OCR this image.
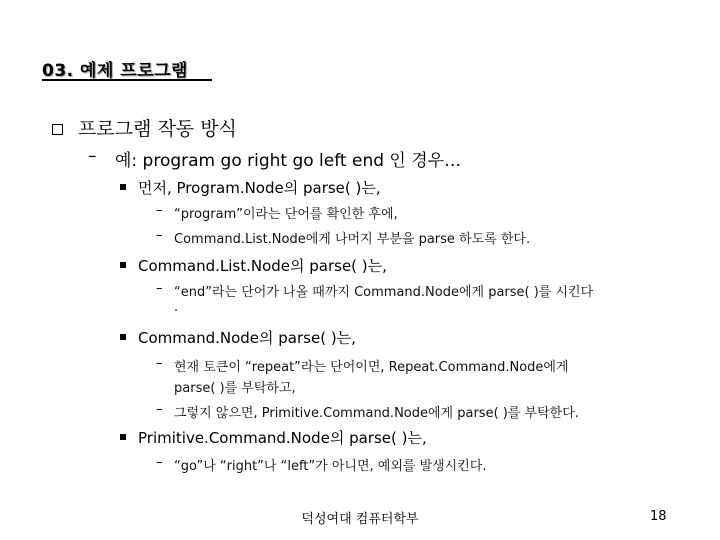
03. 예제 프로그램
프로그램 작동 방식
– 예: program go right go left end 인 경우…
먼저, Program.Node의 parse( )는,
– “program”이라는 단어를 확인한 후에,
– Command.List.Node에게 나머지 부분을 parse 하도록 한다.
Command.List.Node의 parse( )는,
– “end”라는 단어가 나올 때까지 Command.Node에게 parse( )를 시킨다
.
Command.Node의 parse( )는,
– 현재 토큰이 “repeat”라는 단어이면, Repeat.Command.Node에게
parse( )를 부탁하고,
– 그렇지 않으면, Primitive.Command.Node에게 parse( )를 부탁한다.
Primitive.Command.Node의 parse( )는,
– “go”나 “right”나 “left”가 아니면, 예외를 발생시킨다.
덕성여대 컴퓨터학부	18
